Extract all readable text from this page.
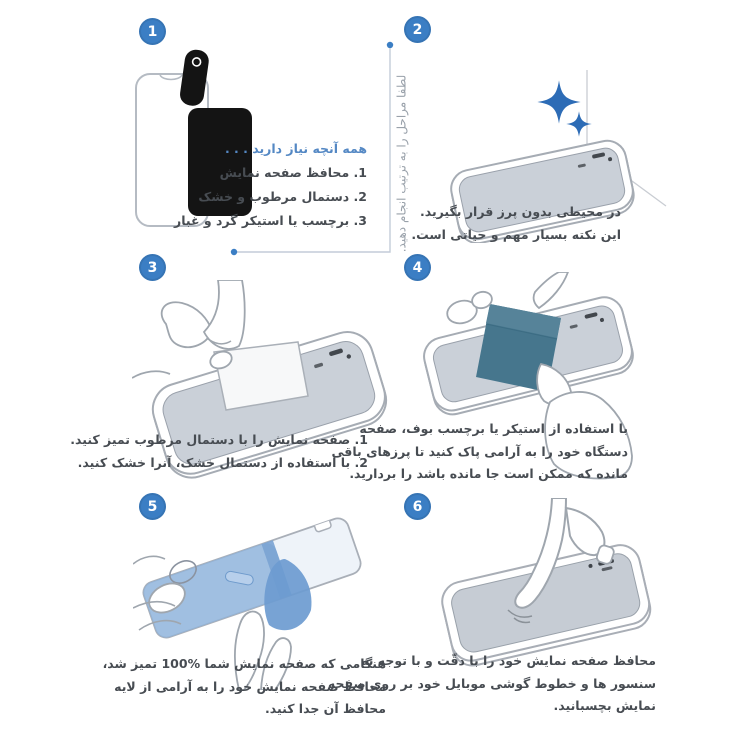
1	2
3	4
5	6
لطفا مراحل را به ترتیب انجام دهید.
همه آنچه نیاز دارید . . .
1. محافظ صفحه نمایش
2. دستمال مرطوب و خشک
3. برچسب یا استیکر گرد و غبار
در محیطی بدون پرز قرار بگیرید.
این نکته بسیار مهم و حیاتی است.
1. صفحه نمایش را با دستمال مرطوب تمیز کنید.
2. با استفاده از دستمال خشک، آنرا خشک کنید.
با استفاده از استیکر یا برچسب بوف، صفحه
دستگاه خود را به آرامی پاک کنید تا پرزهای باقی
مانده که ممکن است جا مانده باشد را بردارید.
هنگامی که صفحه نمایش شما %100 تمیز شد،
محافظ صفحه نمایش خود را به آرامی از لایه
محافظ آن جدا کنید.
محافظ صفحه نمایش خود را با دقّت و با توجه به
سنسور ها و خطوط گوشی موبایل خود بر روی صفحه
نمایش بچسبانید.
